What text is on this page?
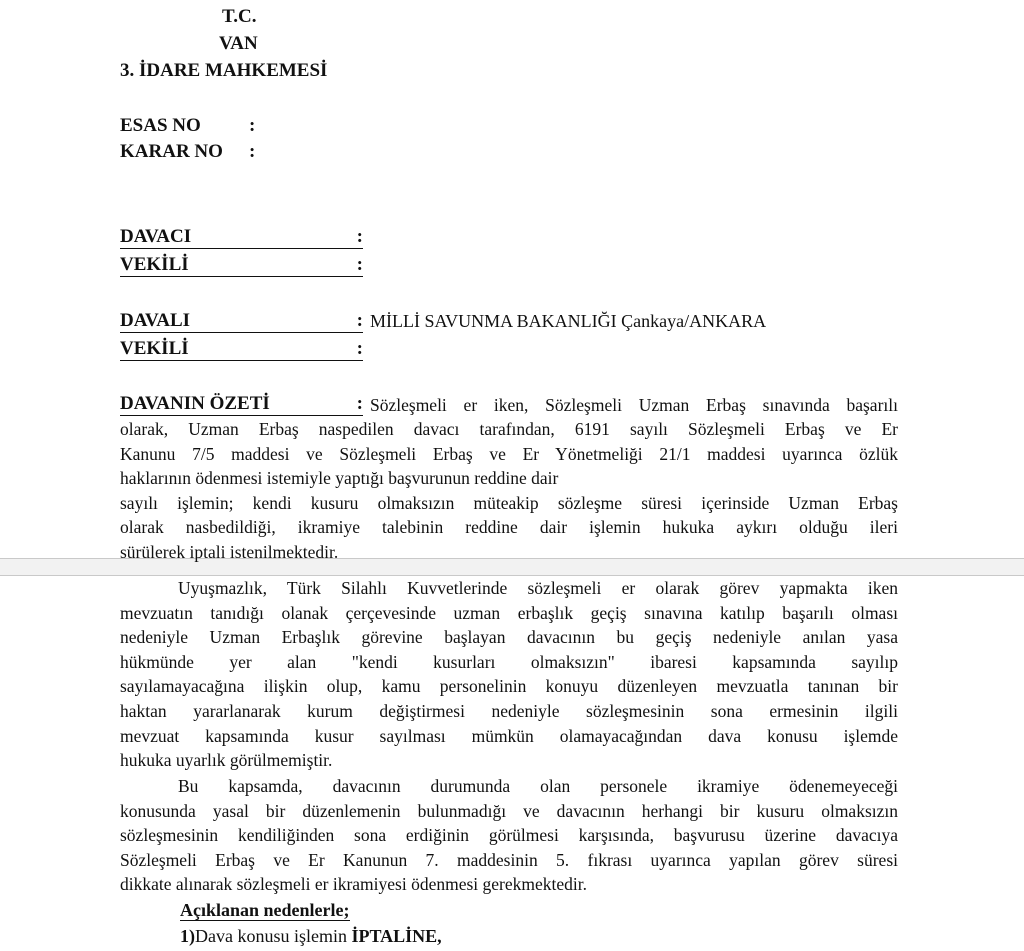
T.C.
VAN
3. İDARE MAHKEMESİ
ESAS NO	:
KARAR NO :
DAVACI	:
VEKİLİ	:
DAVALI	: MİLLİ SAVUNMA BAKANLIĞI Çankaya/ANKARA
VEKİLİ	:
DAVANIN ÖZETİ	: Sözleşmeli er iken, Sözleşmeli Uzman Erbaş sınavında başarılı
olarak, Uzman Erbaş naspedilen davacı tarafından, 6191 sayılı Sözleşmeli Erbaş ve Er
Kanunu 7/5 maddesi ve Sözleşmeli Erbaş ve Er Yönetmeliği 21/1 maddesi uyarınca özlük
haklarının ödenmesi istemiyle yaptığı başvurunun reddine dair
sayılı işlemin; kendi kusuru olmaksızın müteakip sözleşme süresi içerinside Uzman Erbaş
olarak nasbedildiği, ikramiye talebinin reddine dair işlemin hukuka aykırı olduğu ileri
sürülerek iptali istenilmektedir.
Uyuşmazlık, Türk Silahlı Kuvvetlerinde sözleşmeli er olarak görev yapmakta iken
mevzuatın tanıdığı olanak çerçevesinde uzman erbaşlık geçiş sınavına katılıp başarılı olması
nedeniyle Uzman Erbaşlık görevine başlayan davacının bu geçiş nedeniyle anılan yasa
hükmünde yer alan "kendi kusurları olmaksızın" ibaresi kapsamında sayılıp
sayılamayacağına ilişkin olup, kamu personelinin konuyu düzenleyen mevzuatla tanınan bir
haktan yararlanarak kurum değiştirmesi nedeniyle sözleşmesinin sona ermesinin ilgili
mevzuat kapsamında kusur sayılması mümkün olamayacağından dava konusu işlemde
hukuka uyarlık görülmemiştir.
Bu kapsamda, davacının durumunda olan personele ikramiye ödenemeyeceği
konusunda yasal bir düzenlemenin bulunmadığı ve davacının herhangi bir kusuru olmaksızın
sözleşmesinin kendiliğinden sona erdiğinin görülmesi karşısında, başvurusu üzerine davacıya
Sözleşmeli Erbaş ve Er Kanunun 7. maddesinin 5. fıkrası uyarınca yapılan görev süresi
dikkate alınarak sözleşmeli er ikramiyesi ödenmesi gerekmektedir.
Açıklanan nedenlerle;
1)Dava konusu işlemin İPTALİNE,
